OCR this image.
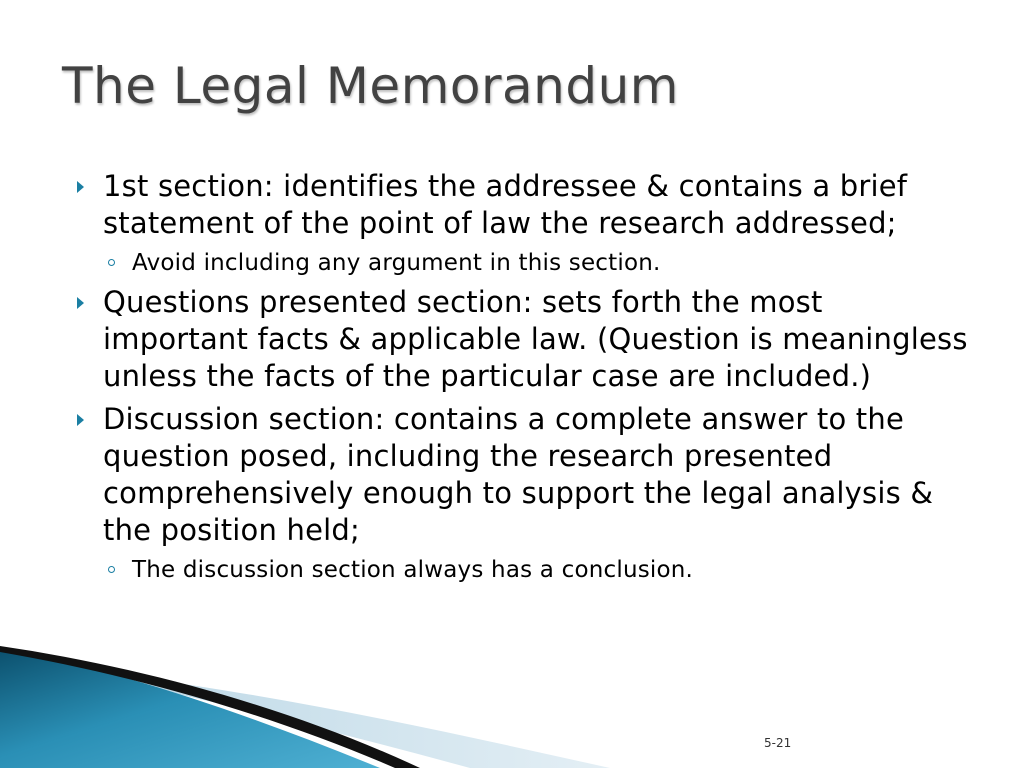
The Legal Memorandum
1st section: identifies the addressee & contains a brief statement of the point of law the research addressed;
Avoid including any argument in this section.
Questions presented section: sets forth the most important facts & applicable law. (Question is meaningless unless the facts of the particular case are included.)
Discussion section: contains a complete answer to the question posed, including the research presented comprehensively enough to support the legal analysis & the position held;
The discussion section always has a conclusion.
5-21
